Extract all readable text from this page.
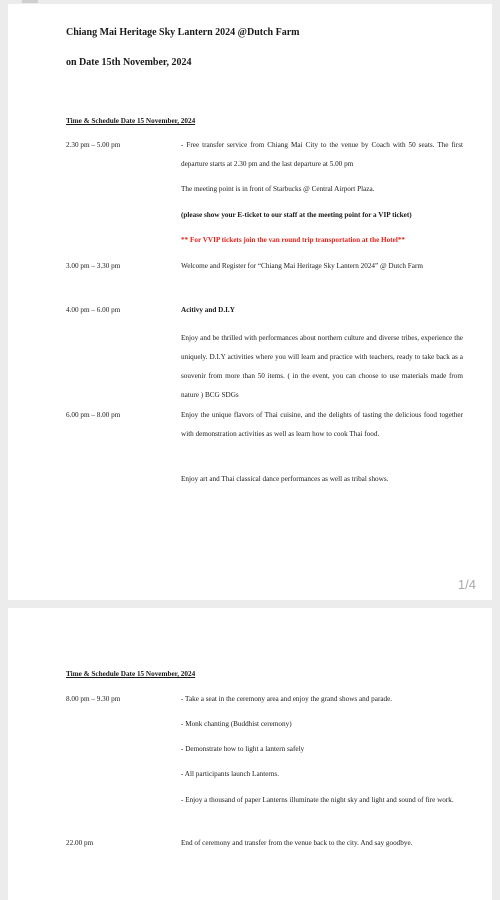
Chiang Mai Heritage Sky Lantern 2024 @Dutch Farm
on Date 15th November, 2024
Time & Schedule Date 15 November, 2024
2.30 pm – 5.00 pm	- Free transfer service from Chiang Mai City to the venue by Coach with 50 seats. The first departure starts at 2.30 pm and the last departure at 5.00 pm
The meeting point is in front of Starbucks @ Central Airport Plaza.
(please show your E-ticket to our staff at the meeting point for a VIP ticket)
** For VVIP tickets join the van round trip transportation at the Hotel**
3.00 pm – 3.30 pm	Welcome and Register for “Chiang Mai Heritage Sky Lantern 2024” @ Dutch Farm
4.00 pm – 6.00 pm	Acitivy and D.I.Y
Enjoy and be thrilled with performances about northern culture and diverse tribes, experience the uniquely. D.I.Y activities where you will learn and practice with teachers, ready to take back as a souvenir from more than 50 items. ( in the event, you can choose to use materials made from nature ) BCG SDGs
6.00 pm – 8.00 pm	Enjoy the unique flavors of Thai cuisine, and the delights of tasting the delicious food together with demonstration activities as well as learn how to cook Thai food.
Enjoy art and Thai classical dance performances as well as tribal shows.
1/4
Time & Schedule Date 15 November, 2024
8.00 pm – 9.30 pm	- Take a seat in the ceremony area and enjoy the grand shows and parade.
- Monk chanting (Buddhist ceremony)
- Demonstrate how to light a lantern safely
- All participants launch Lanterns.
- Enjoy a thousand of paper Lanterns illuminate the night sky and light and sound of fire work.
22.00 pm	End of ceremony and transfer from the venue back to the city. And say goodbye.
